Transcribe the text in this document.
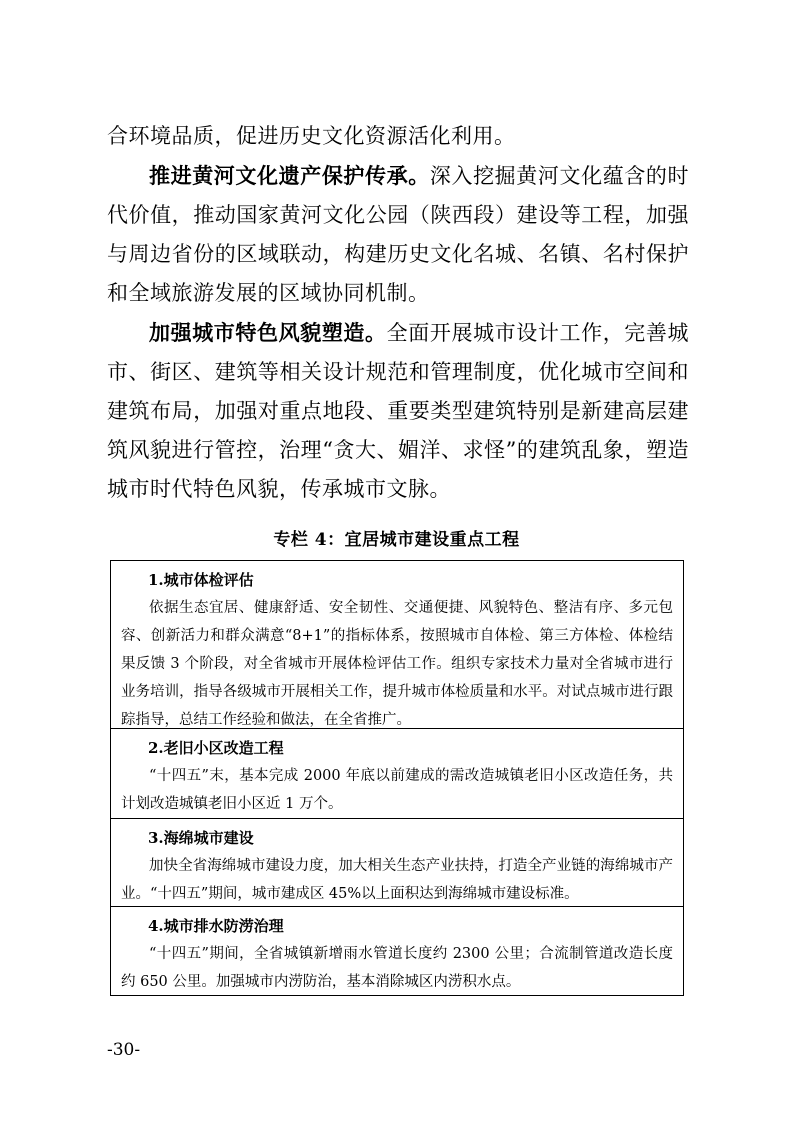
合环境品质，促进历史文化资源活化利用。

推进黄河文化遗产保护传承。深入挖掘黄河文化蕴含的时代价值，推动国家黄河文化公园（陕西段）建设等工程，加强与周边省份的区域联动，构建历史文化名城、名镇、名村保护和全域旅游发展的区域协同机制。

加强城市特色风貌塑造。全面开展城市设计工作，完善城市、街区、建筑等相关设计规范和管理制度，优化城市空间和建筑布局，加强对重点地段、重要类型建筑特别是新建高层建筑风貌进行管控，治理“贪大、媚洋、求怪”的建筑乱象，塑造城市时代特色风貌，传承城市文脉。

专栏 4：宜居城市建设重点工程
1.城市体检评估

依据生态宜居、健康舒适、安全韧性、交通便捷、风貌特色、整洁有序、多元包容、创新活力和群众满意“8+1”的指标体系，按照城市自体检、第三方体检、体检结果反馈 3 个阶段，对全省城市开展体检评估工作。组织专家技术力量对全省城市进行业务培训，指导各级城市开展相关工作，提升城市体检质量和水平。对试点城市进行跟踪指导，总结工作经验和做法，在全省推广。

2.老旧小区改造工程

“十四五”末，基本完成 2000 年底以前建成的需改造城镇老旧小区改造任务，共计划改造城镇老旧小区近 1 万个。

3.海绵城市建设

加快全省海绵城市建设力度，加大相关生态产业扶持，打造全产业链的海绵城市产业。“十四五”期间，城市建成区 45%以上面积达到海绵城市建设标准。

4.城市排水防涝治理

“十四五”期间，全省城镇新增雨水管道长度约 2300 公里；合流制管道改造长度约 650 公里。加强城市内涝防治，基本消除城区内涝积水点。

-30-
